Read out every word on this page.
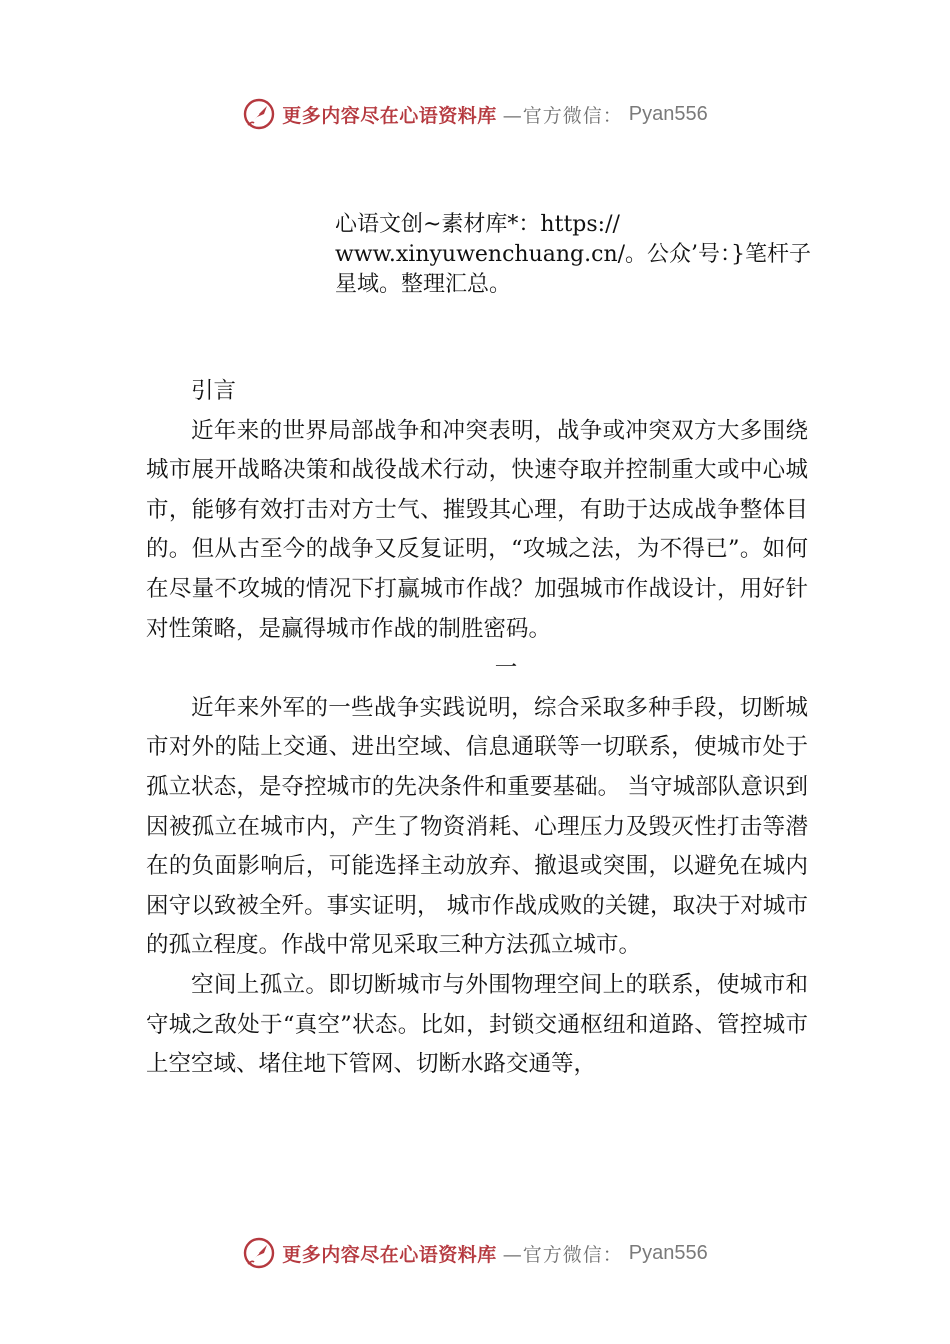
更多内容尽在心语资料库 —官方微信： Pyan556
心语文创~素材库*：https:// www.xinyuwenchuang.cn/。公众’号：}笔杆子星域。整理汇总。

引言

近年来的世界局部战争和冲突表明，战争或冲突双方大多围绕城市展开战略决策和战役战术行动，快速夺取并控制重大或中心城市，能够有效打击对方士气、摧毁其心理，有助于达成战争整体目的。但从古至今的战争又反复证明，“攻城之法，为不得已”。如何在尽量不攻城的情况下打赢城市作战？加强城市作战设计，用好针对性策略，是赢得城市作战的制胜密码。

一

近年来外军的一些战争实践说明，综合采取多种手段，切断城市对外的陆上交通、进出空域、信息通联等一切联系，使城市处于孤立状态，是夺控城市的先决条件和重要基础。 当守城部队意识到因被孤立在城市内，产生了物资消耗、心理压力及毁灭性打击等潜在的负面影响后，可能选择主动放弃、撤退或突围，以避免在城内困守以致被全歼。事实证明， 城市作战成败的关键，取决于对城市的孤立程度。作战中常见采取三种方法孤立城市。

空间上孤立。即切断城市与外围物理空间上的联系，使城市和守城之敌处于“真空”状态。比如，封锁交通枢纽和道路、管控城市上空空域、堵住地下管网、切断水路交通等，

更多内容尽在心语资料库 —官方微信： Pyan556
